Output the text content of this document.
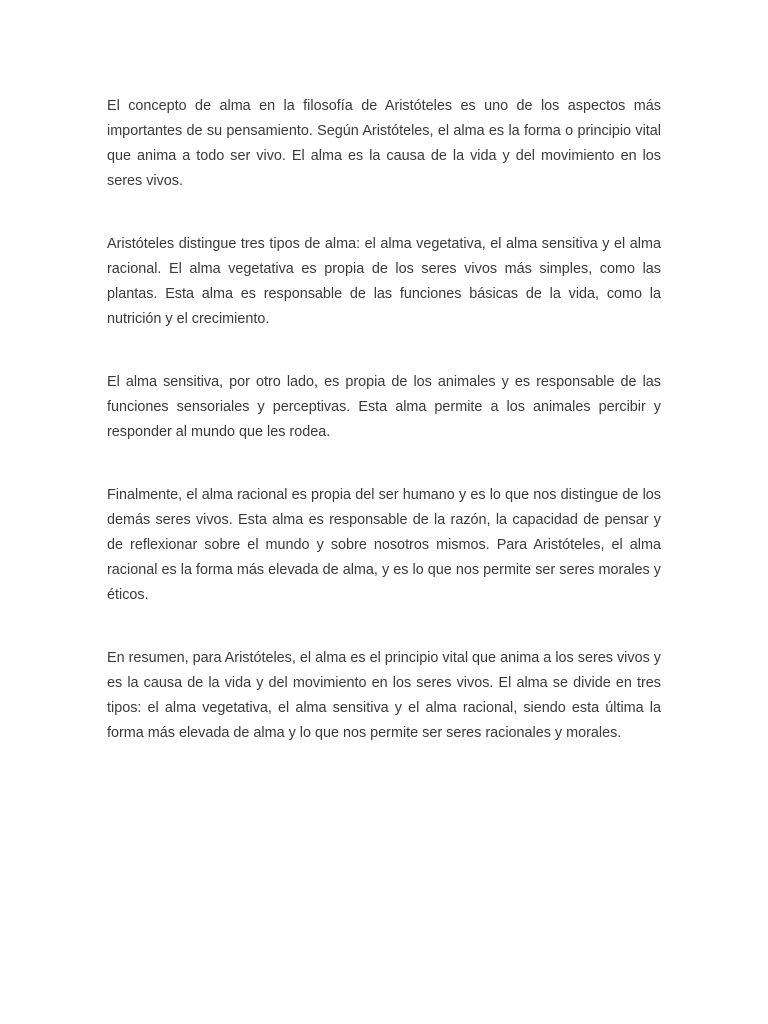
El concepto de alma en la filosofía de Aristóteles es uno de los aspectos más importantes de su pensamiento. Según Aristóteles, el alma es la forma o principio vital que anima a todo ser vivo. El alma es la causa de la vida y del movimiento en los seres vivos.

Aristóteles distingue tres tipos de alma: el alma vegetativa, el alma sensitiva y el alma racional. El alma vegetativa es propia de los seres vivos más simples, como las plantas. Esta alma es responsable de las funciones básicas de la vida, como la nutrición y el crecimiento.

El alma sensitiva, por otro lado, es propia de los animales y es responsable de las funciones sensoriales y perceptivas. Esta alma permite a los animales percibir y responder al mundo que les rodea.

Finalmente, el alma racional es propia del ser humano y es lo que nos distingue de los demás seres vivos. Esta alma es responsable de la razón, la capacidad de pensar y de reflexionar sobre el mundo y sobre nosotros mismos. Para Aristóteles, el alma racional es la forma más elevada de alma, y es lo que nos permite ser seres morales y éticos.

En resumen, para Aristóteles, el alma es el principio vital que anima a los seres vivos y es la causa de la vida y del movimiento en los seres vivos. El alma se divide en tres tipos: el alma vegetativa, el alma sensitiva y el alma racional, siendo esta última la forma más elevada de alma y lo que nos permite ser seres racionales y morales.
